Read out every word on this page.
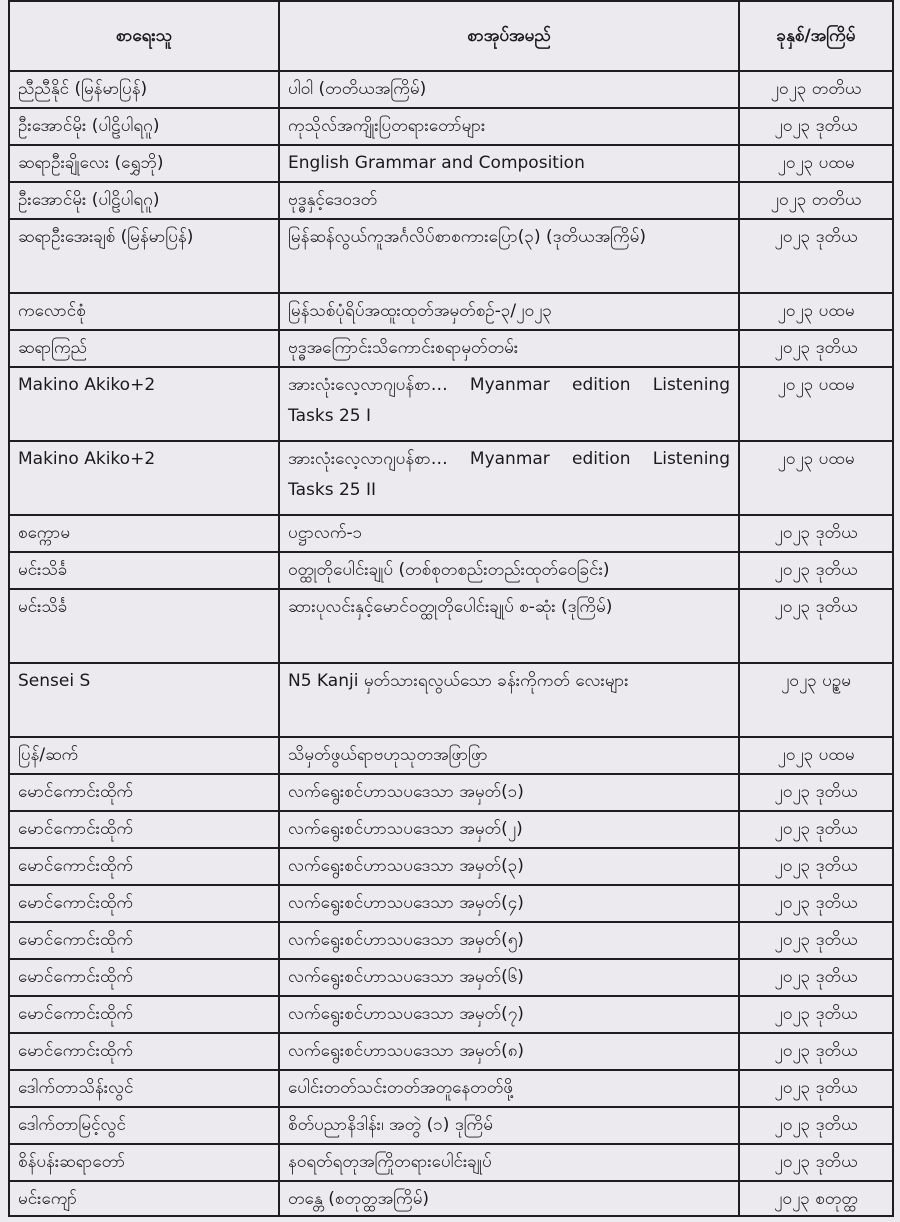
စာရေးသူ	စာအုပ်အမည်	ခုနှစ်/အကြိမ်
ညီညီနိုင် (မြန်မာပြန်)	ပါဝါ (တတိယအကြိမ်)	၂၀၂၃ တတိယ
ဦးအောင်မိုး (ပါဠိပါရဂူ)	ကုသိုလ်အကျိုးပြတရားတော်များ	၂၀၂၃ ဒုတိယ
ဆရာဦးချိုလေး (ရွှေဘို)	English Grammar and Composition	၂၀၂၃ ပထမ
ဦးအောင်မိုး (ပါဠိပါရဂူ)	ဗုဒ္ဓနှင့်ဒေဝဒတ်	၂၀၂၃ တတိယ
ဆရာဦးအေးချစ် (မြန်မာပြန်)	မြန်ဆန်လွယ်ကူအင်္ဂလိပ်စာစကားပြော(၃) (ဒုတိယအကြိမ်)	၂၀၂၃ ဒုတိယ
ကလောင်စုံ	မြန်သစ်ပုံရိပ်အထူးထုတ်အမှတ်စဉ်-၃/၂၀၂၃	၂၀၂၃ ပထမ
ဆရာကြည်	ဗုဒ္ဓအကြောင်းသိကောင်းစရာမှတ်တမ်း	၂၀၂၃ ဒုတိယ
Makino Akiko+2	အားလုံးလေ့လာဂျပန်စာ… Myanmar edition Listening Tasks 25 I	၂၀၂၃ ပထမ
Makino Akiko+2	အားလုံးလေ့လာဂျပန်စာ… Myanmar edition Listening Tasks 25 II	၂၀၂၃ ပထမ
စက္ကောမ	ပဋ္ဌာလက်-၁	၂၀၂၃ ဒုတိယ
မင်းသိင်္ခ	ဝတ္ထုတိုပေါင်းချုပ် (တစ်စုတစည်းတည်းထုတ်ဝေခြင်း)	၂၀၂၃ ဒုတိယ
မင်းသိင်္ခ	ဆားပုလင်းနှင့်မောင်ဝတ္ထုတိုပေါင်းချုပ် စ-ဆုံး (ဒုကြိမ်)	၂၀၂၃ ဒုတိယ
Sensei S	N5 Kanji မှတ်သားရလွယ်သော ခန်းကိုကတ် လေးများ	၂၀၂၃ ပဥ္စမ
ပြန်/ဆက်	သိမှတ်ဖွယ်ရာဗဟုသုတအဖြာဖြာ	၂၀၂၃ ပထမ
မောင်ကောင်းထိုက်	လက်ရွေးစင်ဟာသပဒေသာ အမှတ်(၁)	၂၀၂၃ ဒုတိယ
မောင်ကောင်းထိုက်	လက်ရွေးစင်ဟာသပဒေသာ အမှတ်(၂)	၂၀၂၃ ဒုတိယ
မောင်ကောင်းထိုက်	လက်ရွေးစင်ဟာသပဒေသာ အမှတ်(၃)	၂၀၂၃ ဒုတိယ
မောင်ကောင်းထိုက်	လက်ရွေးစင်ဟာသပဒေသာ အမှတ်(၄)	၂၀၂၃ ဒုတိယ
မောင်ကောင်းထိုက်	လက်ရွေးစင်ဟာသပဒေသာ အမှတ်(၅)	၂၀၂၃ ဒုတိယ
မောင်ကောင်းထိုက်	လက်ရွေးစင်ဟာသပဒေသာ အမှတ်(၆)	၂၀၂၃ ဒုတိယ
မောင်ကောင်းထိုက်	လက်ရွေးစင်ဟာသပဒေသာ အမှတ်(၇)	၂၀၂၃ ဒုတိယ
မောင်ကောင်းထိုက်	လက်ရွေးစင်ဟာသပဒေသာ အမှတ်(၈)	၂၀၂၃ ဒုတိယ
ဒေါက်တာသိန်းလွင်	ပေါင်းတတ်သင်းတတ်အတူနေတတ်ဖို့	၂၀၂၃ ဒုတိယ
ဒေါက်တာမြင့်လွင်	စိတ်ပညာနိဒါန်း၊ အတွဲ (၁) ဒုကြိမ်	၂၀၂၃ ဒုတိယ
စိန်ပန်းဆရာတော်	နဝရတ်ရတုအကြိုတရားပေါင်းချုပ်	၂၀၂၃ ဒုတိယ
မင်းကျော်	တန္တေ (စတုတ္ထအကြိမ်)	၂၀၂၃ စတုတ္ထ
